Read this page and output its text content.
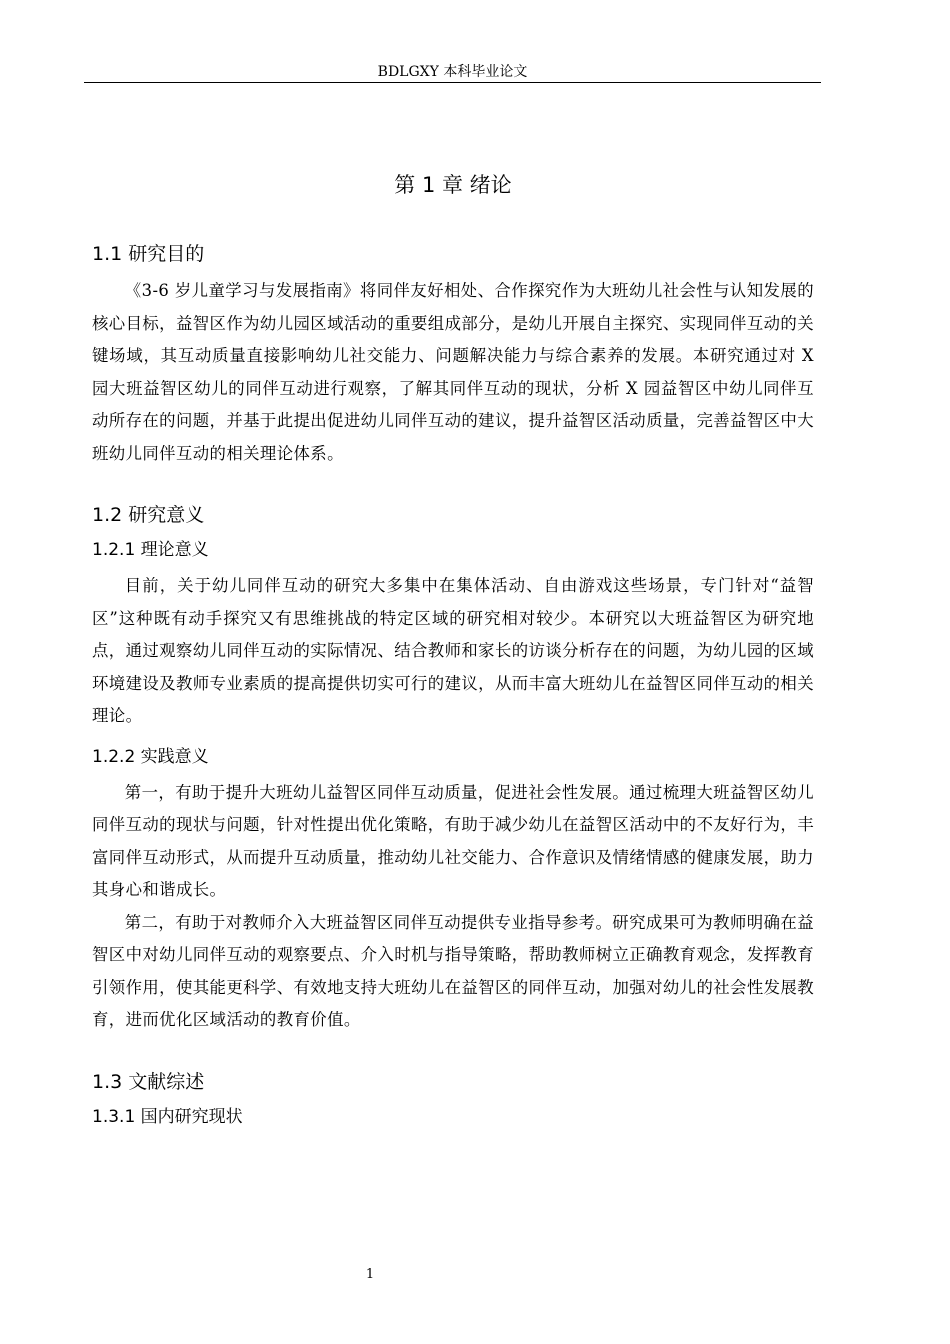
BDLGXY 本科毕业论文
第 1 章 绪论
1.1 研究目的

《3-6 岁儿童学习与发展指南》将同伴友好相处、合作探究作为大班幼儿社会性与认知发展的核心目标，益智区作为幼儿园区域活动的重要组成部分，是幼儿开展自主探究、实现同伴互动的关键场域，其互动质量直接影响幼儿社交能力、问题解决能力与综合素养的发展。本研究通过对 X 园大班益智区幼儿的同伴互动进行观察，了解其同伴互动的现状，分析 X 园益智区中幼儿同伴互动所存在的问题，并基于此提出促进幼儿同伴互动的建议，提升益智区活动质量，完善益智区中大班幼儿同伴互动的相关理论体系。

1.2 研究意义
1.2.1 理论意义

目前，关于幼儿同伴互动的研究大多集中在集体活动、自由游戏这些场景，专门针对“益智区”这种既有动手探究又有思维挑战的特定区域的研究相对较少。本研究以大班益智区为研究地点，通过观察幼儿同伴互动的实际情况、结合教师和家长的访谈分析存在的问题，为幼儿园的区域环境建设及教师专业素质的提高提供切实可行的建议，从而丰富大班幼儿在益智区同伴互动的相关理论。

1.2.2 实践意义

第一，有助于提升大班幼儿益智区同伴互动质量，促进社会性发展。通过梳理大班益智区幼儿同伴互动的现状与问题，针对性提出优化策略，有助于减少幼儿在益智区活动中的不友好行为，丰富同伴互动形式，从而提升互动质量，推动幼儿社交能力、合作意识及情绪情感的健康发展，助力其身心和谐成长。

第二，有助于对教师介入大班益智区同伴互动提供专业指导参考。研究成果可为教师明确在益智区中对幼儿同伴互动的观察要点、介入时机与指导策略，帮助教师树立正确教育观念，发挥教育引领作用，使其能更科学、有效地支持大班幼儿在益智区的同伴互动，加强对幼儿的社会性发展教育，进而优化区域活动的教育价值。

1.3 文献综述
1.3.1 国内研究现状
1
